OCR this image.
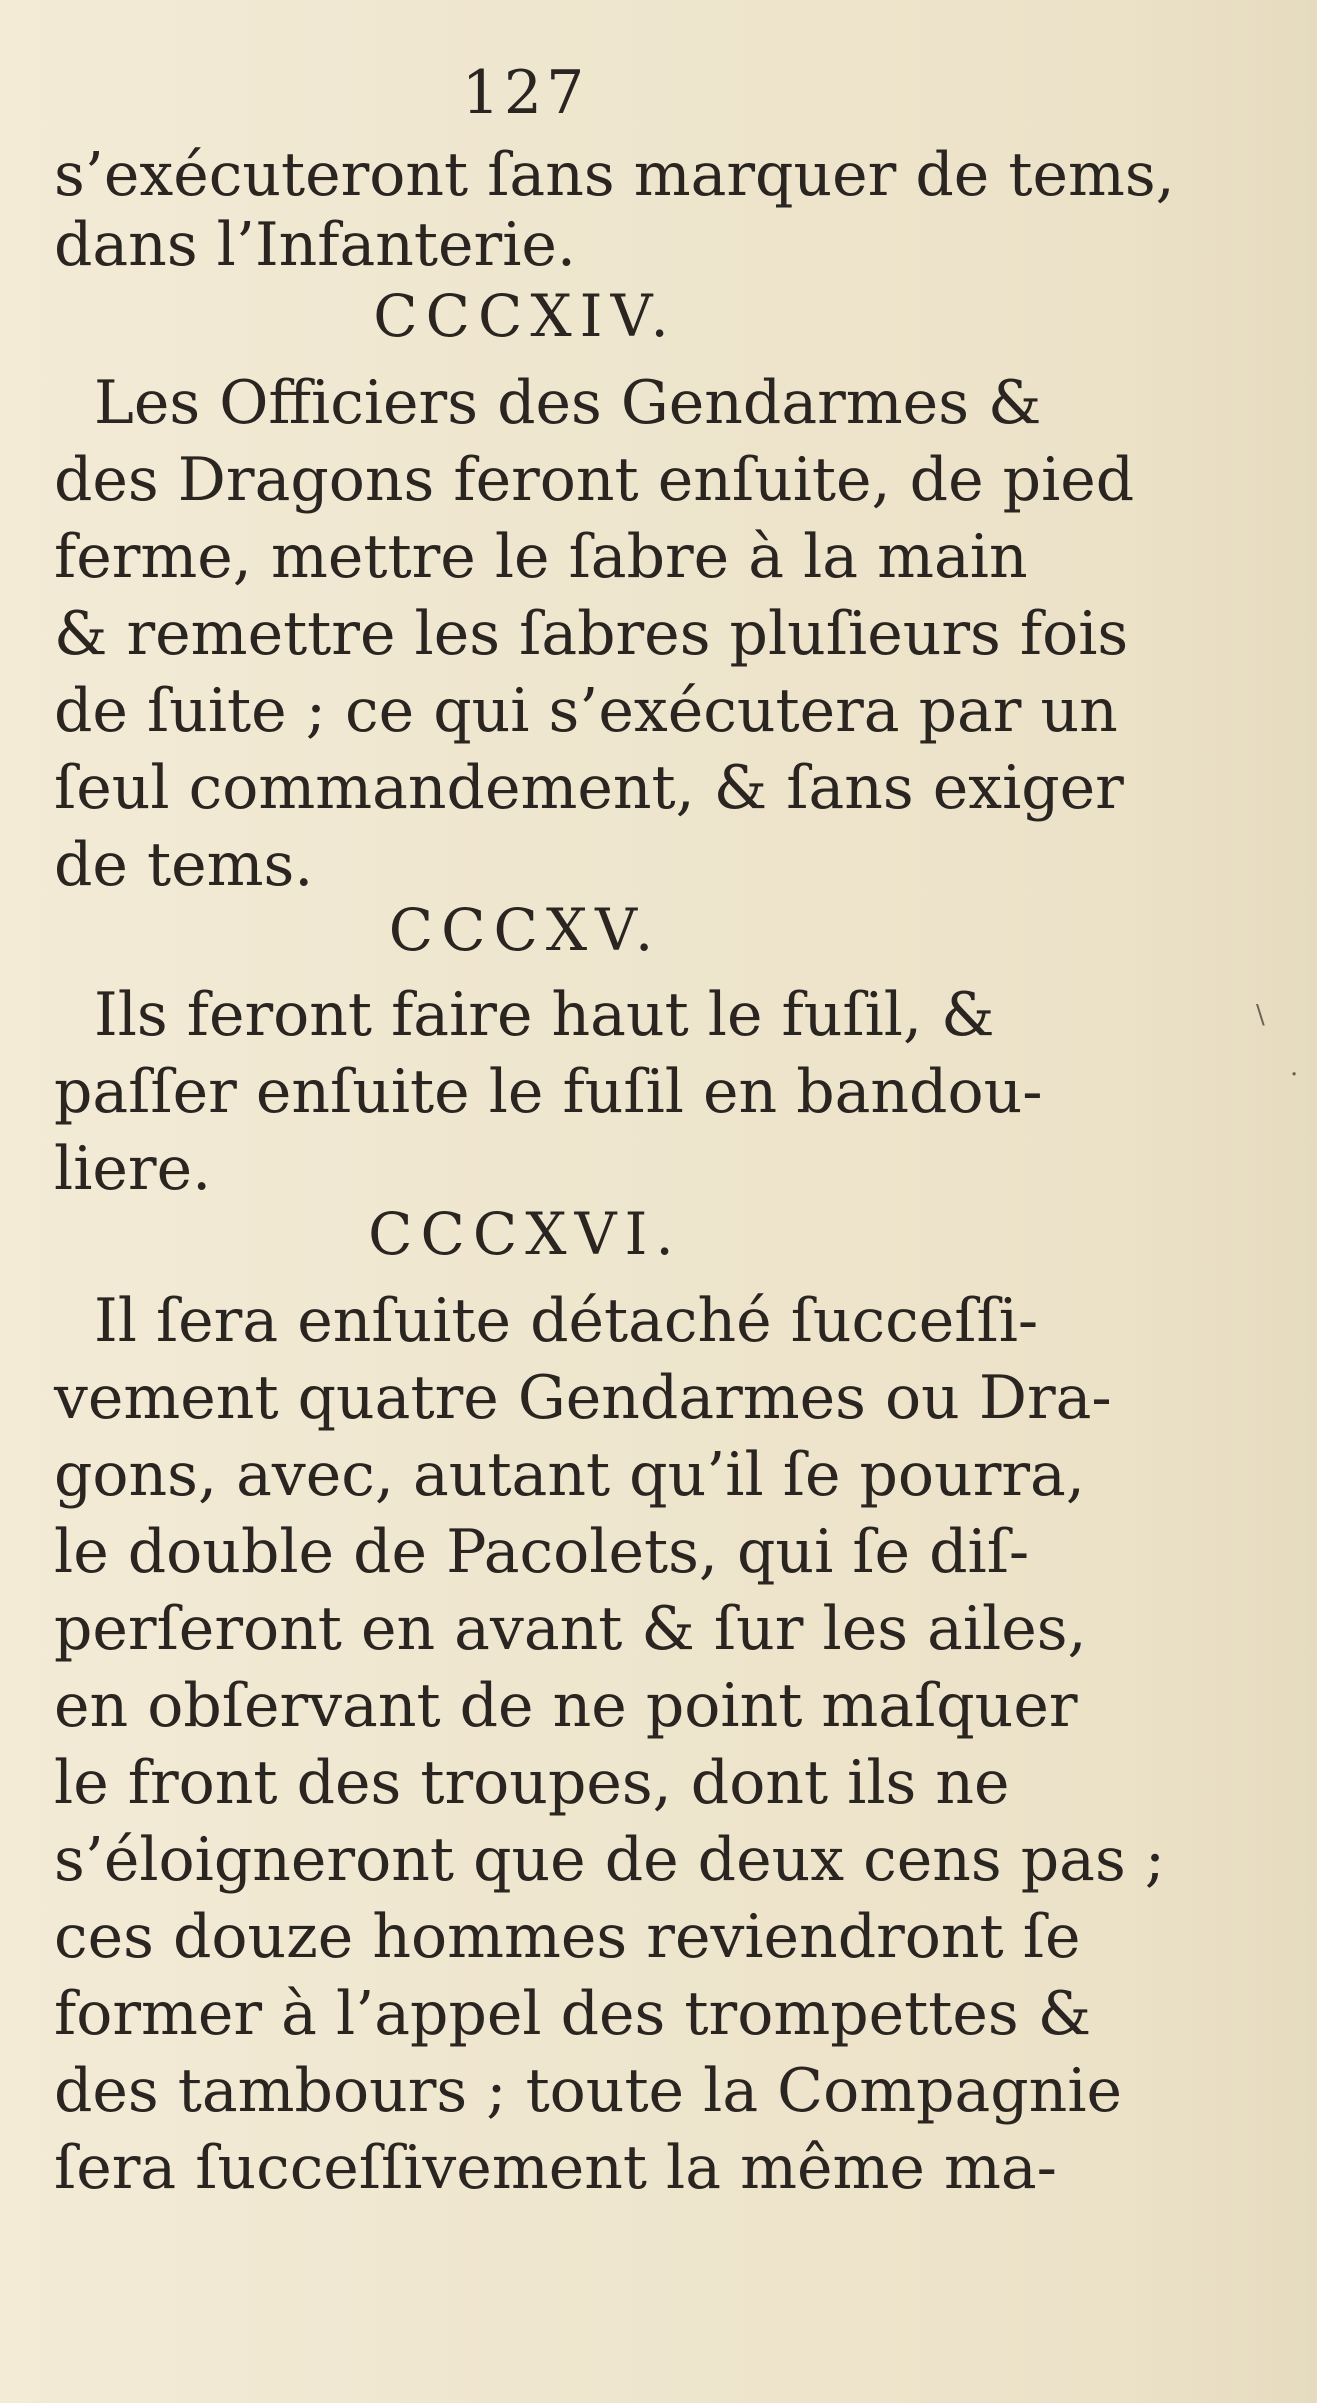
127
s’exécuteront ſans marquer de tems,
dans l’Infanterie.
CCCXIV.
Les Officiers des Gendarmes &
des Dragons feront enſuite, de pied
ferme, mettre le ſabre à la main
& remettre les ſabres pluſieurs fois
de ſuite ; ce qui s’exécutera par un
ſeul commandement, & ſans exiger
de tems.
CCCXV.
Ils feront faire haut le fuſil, &
paſſer enſuite le fuſil en bandou-
liere.
CCCXVI.
Il ſera enſuite détaché ſucceſſi-
vement quatre Gendarmes ou Dra-
gons, avec, autant qu’il ſe pourra,
le double de Pacolets, qui ſe diſ-
perſeront en avant & ſur les ailes,
en obſervant de ne point maſquer
le front des troupes, dont ils ne
s’éloigneront que de deux cens pas ;
ces douze hommes reviendront ſe
former à l’appel des trompettes &
des tambours ; toute la Compagnie
ſera ſucceſſivement la même ma-
\
·
